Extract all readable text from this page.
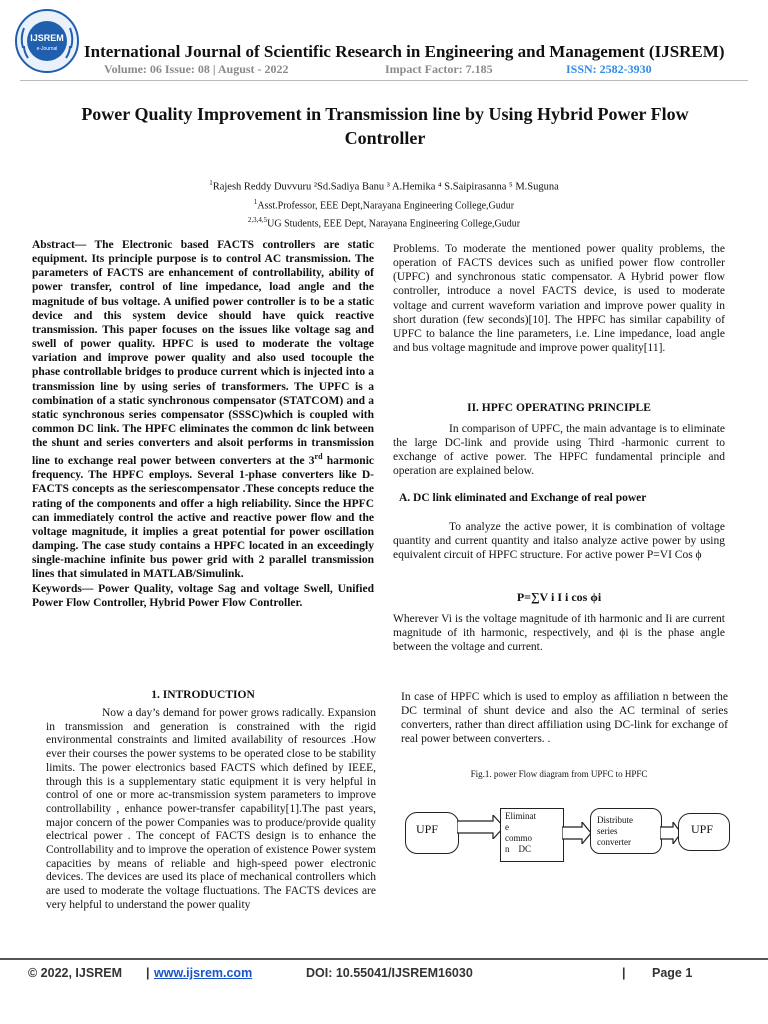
IJSREM
e-Journal International Journal of Scientific Research in Engineering and Management (IJSREM)
Volume: 06 Issue: 08 | August - 2022	Impact Factor: 7.185	ISSN: 2582-3930
Power Quality Improvement in Transmission line by Using Hybrid Power Flow
Controller
$^1$Rajesh Reddy Duvvuru ²Sd.Sadiya Banu ³ A.Hemika ⁴ S.Saipirasanna ⁵ M.Suguna
$^1$Asst.Professor, EEE Dept,Narayana Engineering College,Gudur
$^{2,3,4,5}$UG Students, EEE Dept, Narayana Engineering College,Gudur

Abstract— The Electronic based FACTS controllers are static equipment. Its principle purpose is to control AC transmission. The parameters of FACTS are enhancement of controllability, ability of power transfer, control of line impedance, load angle and the magnitude of bus voltage. A unified power controller is to be a static device and this system device should have quick reactive transmission. This paper focuses on the issues like voltage sag and swell of power quality. HPFC is used to moderate the voltage variation and improve power quality and also used tocouple the phase controllable bridges to produce current which is injected into a transmission line by using series of transformers. The UPFC is a combination of a static synchronous compensator (STATCOM) and a static synchronous series compensator (SSSC)which is coupled with common DC link. The HPFC eliminates the common dc link between the shunt and series converters and alsoit performs in transmission line to exchange real power between converters at the 3rd harmonic frequency. The HPFC employs. Several 1-phase converters like D-FACTS concepts as the seriescompensator .These concepts reduce the rating of the components and offer a high reliability. Since the HPFC can immediately control the active and reactive power flow and the voltage magnitude, it implies a great potential for power oscillation damping. The case study contains a HPFC located in an exceedingly single-machine infinite bus power grid with 2 parallel transmission lines that simulated in MATLAB/Simulink.

Keywords— Power Quality, voltage Sag and voltage Swell, Unified Power Flow Controller, Hybrid Power Flow Controller.

1. INTRODUCTION

Now a day’s demand for power grows radically. Expansion in transmission and generation is constrained with the rigid environmental constraints and limited availability of resources .How ever their courses the power systems to be operated close to be stability limits. The power electronics based FACTS which defined by IEEE, through this is a supplementary static equipment it is very helpful in control of one or more ac-transmission system parameters to improve controllability , enhance power-transfer capability[1].The past years, major concern of the power Companies was to produce/provide quality electrical power . The concept of FACTS design is to enhance the Controllability and to improve the operation of existence Power system capacities by means of reliable and high-speed power electronic devices. The devices are used its place of mechanical controllers which are used to moderate the voltage fluctuations. The FACTS devices are very helpful to understand the power quality

Problems. To moderate the mentioned power quality problems, the operation of FACTS devices such as unified power flow controller (UPFC) and synchronous static compensator. A Hybrid power flow controller, introduce a novel FACTS device, is used to moderate voltage and current waveform variation and improve power quality in short duration (few seconds)[10]. The HPFC has similar capability of UPFC to balance the line parameters, i.e. Line impedance, load angle and bus voltage magnitude and improve power quality[11].
II. HPFC OPERATING PRINCIPLE

In comparison of UPFC, the main advantage is to eliminate the large DC-link and provide using Third -harmonic current to exchange of active power. The HPFC fundamental principle and operation are explained below.

A. DC link eliminated and Exchange of real power

To analyze the active power, it is combination of voltage quantity and current quantity and italso analyze active power by using equivalent circuit of HPFC structure. For active power P=VI Cos ϕ

P=∑V i I i cos ϕi
Wherever Vi is the voltage magnitude of ith harmonic and Ii are current magnitude of ith harmonic, respectively, and ϕi is the phase angle between the voltage and current.

In case of HPFC which is used to employ as affiliation n between the DC terminal of shunt device and also the AC terminal of series converters, rather than direct affiliation using DC-link for exchange of real power between converters. .

Fig.1. power Flow diagram from UPFC to HPFC
UPF
Eliminat
e
commo
n    DC
Distribute
series
converter
UPF
© 2022, IJSREM | www.ijsrem.com	DOI: 10.55041/IJSREM16030	| Page 1
